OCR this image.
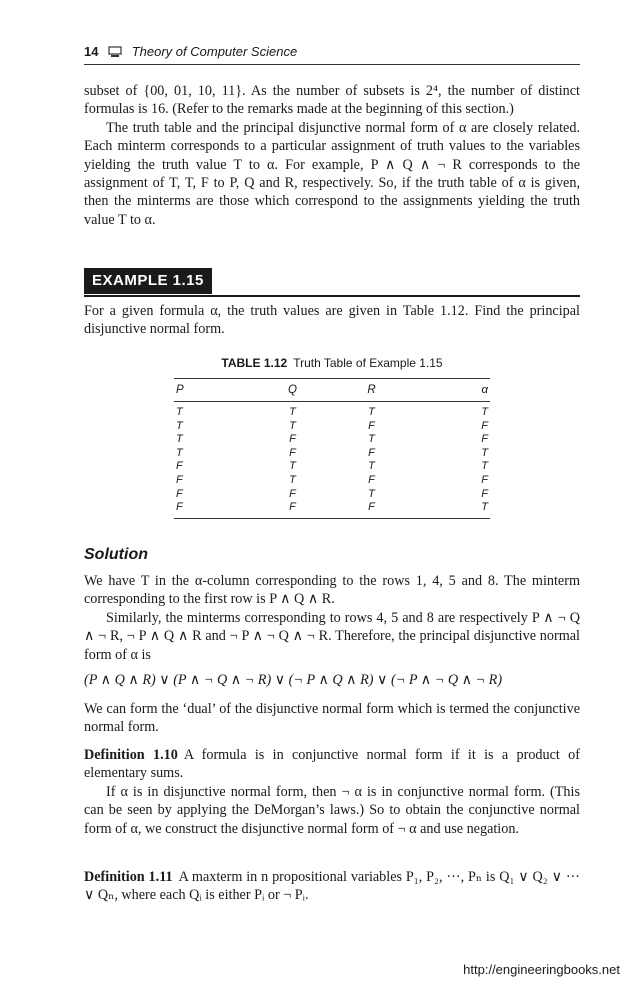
14	Theory of Computer Science

subset of {00, 01, 10, 11}. As the number of subsets is 2⁴, the number of distinct formulas is 16. (Refer to the remarks made at the beginning of this section.)

The truth table and the principal disjunctive normal form of α are closely related. Each minterm corresponds to a particular assignment of truth values to the variables yielding the truth value T to α. For example, P ∧ Q ∧ ¬ R corresponds to the assignment of T, T, F to P, Q and R, respectively. So, if the truth table of α is given, then the minterms are those which correspond to the assignments yielding the truth value T to α.

EXAMPLE 1.15
For a given formula α, the truth values are given in Table 1.12. Find the principal disjunctive normal form.
TABLE 1.12 Truth Table of Example 1.15
P	Q	R	α
T	T	T	T
T	T	F	F
T	F	T	F
T	F	F	T
F	T	T	T
F	T	F	F
F	F	T	F
F	F	F	T
Solution

We have T in the α-column corresponding to the rows 1, 4, 5 and 8. The minterm corresponding to the first row is P ∧ Q ∧ R.

Similarly, the minterms corresponding to rows 4, 5 and 8 are respectively P ∧ ¬ Q ∧ ¬ R, ¬ P ∧ Q ∧ R and ¬ P ∧ ¬ Q ∧ ¬ R. Therefore, the principal disjunctive normal form of α is

(P ∧ Q ∧ R) ∨ (P ∧ ¬ Q ∧ ¬ R) ∨ (¬ P ∧ Q ∧ R) ∨ (¬ P ∧ ¬ Q ∧ ¬ R)
We can form the ‘dual’ of the disjunctive normal form which is termed the conjunctive normal form.

Definition 1.10 A formula is in conjunctive normal form if it is a product of elementary sums.

If α is in disjunctive normal form, then ¬ α is in conjunctive normal form. (This can be seen by applying the DeMorgan’s laws.) So to obtain the conjunctive normal form of α, we construct the disjunctive normal form of ¬ α and use negation.

Definition 1.11 A maxterm in n propositional variables P₁, P₂, ···, Pₙ is Q₁ ∨ Q₂ ∨ ··· ∨ Qₙ, where each Qᵢ is either Pᵢ or ¬ Pᵢ.

http://engineeringbooks.net
